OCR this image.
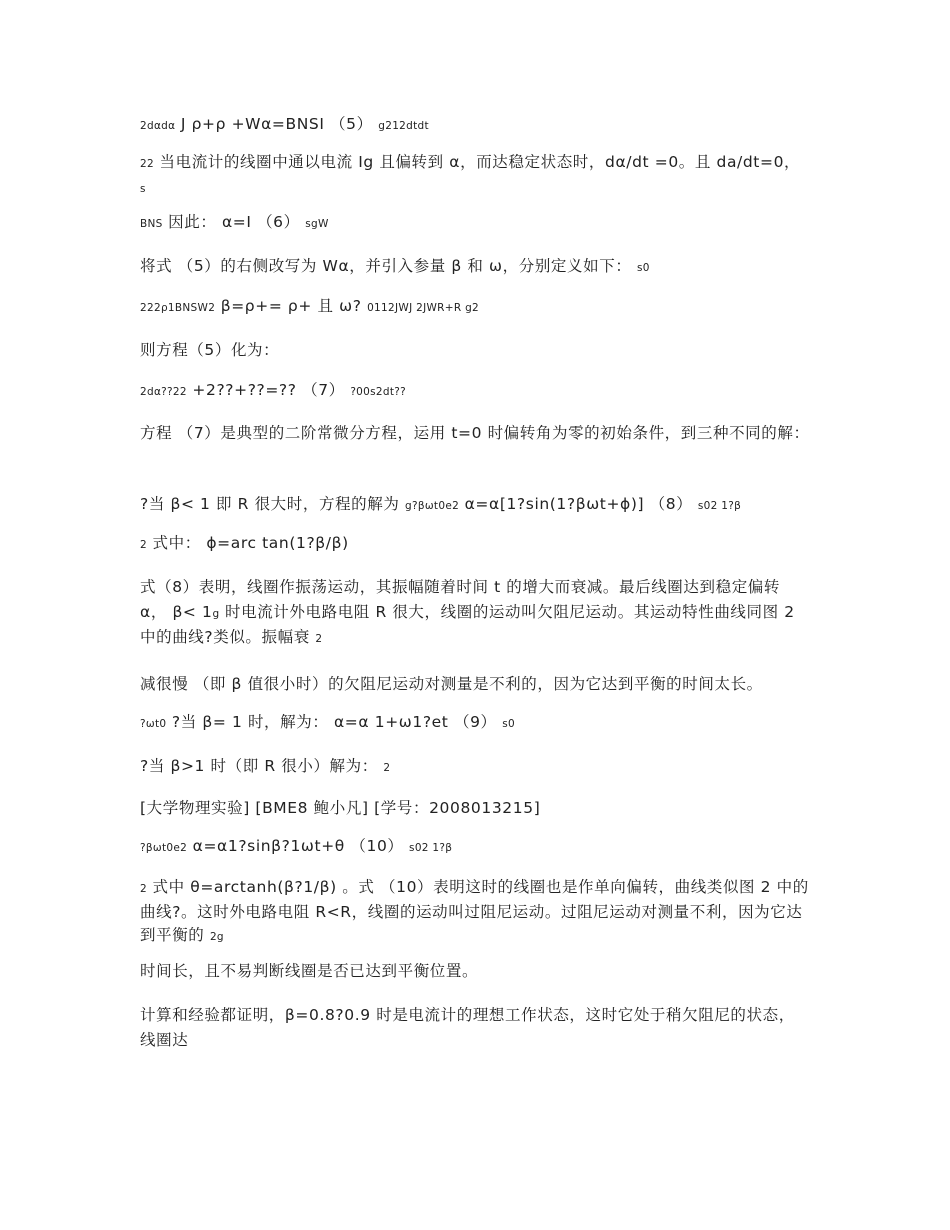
2dαdα J ρ+ρ +Wα=BNSI （5） g212dtdt
22 当电流计的线圈中通以电流 Ig 且偏转到 α，而达稳定状态时，dα/dt =0。且 da/dt=0， s
BNS 因此： α=I （6） sgW
将式 （5）的右侧改写为 Wα，并引入参量 β 和 ω，分别定义如下： s0
222ρ1BNSW2 β=ρ+= ρ+ 且 ω? 0112JWJ 2JWR+R g2
则方程（5）化为：
2dα??22 +2??+??=?? （7） ?00s2dt??
方程 （7）是典型的二阶常微分方程，运用 t=0 时偏转角为零的初始条件，到三种不同的解：
?当 β< 1 即 R 很大时，方程的解为 g?βωt0e2 α=α[1?sin(1?βωt+ϕ)] （8） s02 1?β
2 式中： ϕ=arc tan(1?β/β)
式（8）表明，线圈作振荡运动，其振幅随着时间 t 的增大而衰减。最后线圈达到稳定偏转 α， β< 1g 时电流计外电路电阻 R 很大，线圈的运动叫欠阻尼运动。其运动特性曲线同图 2 中的曲线?类似。振幅衰 2
减很慢 （即 β 值很小时）的欠阻尼运动对测量是不利的，因为它达到平衡的时间太长。
?ωt0 ?当 β= 1 时，解为： α=α 1+ω1?et （9） s0
?当 β>1 时（即 R 很小）解为： 2
[大学物理实验] [BME8 鲍小凡] [学号：2008013215]
?βωt0e2 α=α1?sinβ?1ωt+θ （10） s02 1?β
2 式中 θ=arctanh(β?1/β) 。式 （10）表明这时的线圈也是作单向偏转，曲线类似图 2 中的曲线?。这时外电路电阻 R<R，线圈的运动叫过阻尼运动。过阻尼运动对测量不利，因为它达到平衡的 2g
时间长，且不易判断线圈是否已达到平衡位置。
计算和经验都证明，β=0.8?0.9 时是电流计的理想工作状态，这时它处于稍欠阻尼的状态，线圈达
